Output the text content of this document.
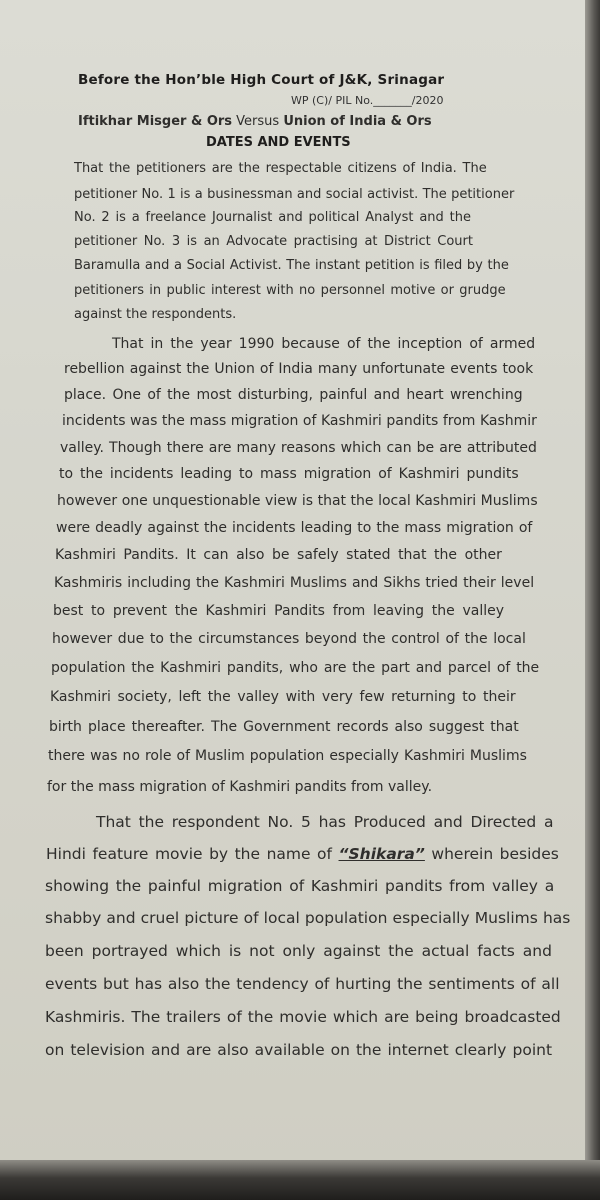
Before the Hon’ble High Court of J&K, Srinagar

WP (C)/ PIL No._______/2020

Iftikhar Misger & Ors Versus Union of India & Ors

DATES AND EVENTS

That the petitioners are the respectable citizens of India. The

petitioner No. 1 is a businessman and social activist. The petitioner

No. 2 is a freelance Journalist and political Analyst and the

petitioner No. 3 is an Advocate practising at District Court

Baramulla and a Social Activist. The instant petition is filed by the

petitioners in public interest with no personnel motive or grudge

against the respondents.

That in the year 1990 because of the inception of armed

rebellion against the Union of India many unfortunate events took

place. One of the most disturbing, painful and heart wrenching

incidents was the mass migration of Kashmiri pandits from Kashmir

valley. Though there are many reasons which can be are attributed

to the incidents leading to mass migration of Kashmiri pundits

however one unquestionable view is that the local Kashmiri Muslims

were deadly against the incidents leading to the mass migration of

Kashmiri Pandits. It can also be safely stated that the other

Kashmiris including the Kashmiri Muslims and Sikhs tried their level

best to prevent the Kashmiri Pandits from leaving the valley

however due to the circumstances beyond the control of the local

population the Kashmiri pandits, who are the part and parcel of the

Kashmiri society, left the valley with very few returning to their

birth place thereafter. The Government records also suggest that

there was no role of Muslim population especially Kashmiri Muslims

for the mass migration of Kashmiri pandits from valley.

That the respondent No. 5 has Produced and Directed a

Hindi feature movie by the name of “Shikara” wherein besides

showing the painful migration of Kashmiri pandits from valley a

shabby and cruel picture of local population especially Muslims has

been portrayed which is not only against the actual facts and

events but has also the tendency of hurting the sentiments of all

Kashmiris. The trailers of the movie which are being broadcasted

on television and are also available on the internet clearly point
